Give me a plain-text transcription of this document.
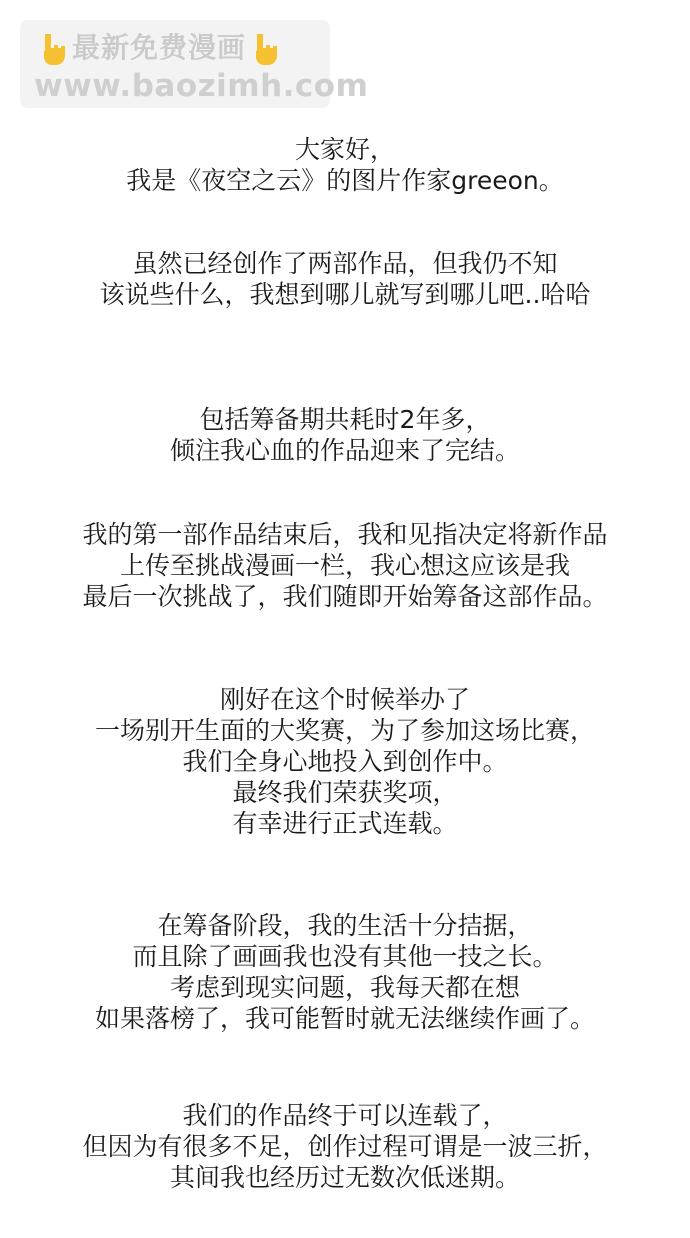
最新免费漫画
www.baozimh.com
大家好，
我是《夜空之云》的图片作家greeon。
虽然已经创作了两部作品，但我仍不知
该说些什么，我想到哪儿就写到哪儿吧..哈哈
包括筹备期共耗时2年多，
倾注我心血的作品迎来了完结。
我的第一部作品结束后，我和见指决定将新作品
上传至挑战漫画一栏，我心想这应该是我
最后一次挑战了，我们随即开始筹备这部作品。
刚好在这个时候举办了
一场别开生面的大奖赛，为了参加这场比赛，
我们全身心地投入到创作中。
最终我们荣获奖项，
有幸进行正式连载。
在筹备阶段，我的生活十分拮据，
而且除了画画我也没有其他一技之长。
考虑到现实问题，我每天都在想
如果落榜了，我可能暂时就无法继续作画了。
我们的作品终于可以连载了，
但因为有很多不足，创作过程可谓是一波三折，
其间我也经历过无数次低迷期。
